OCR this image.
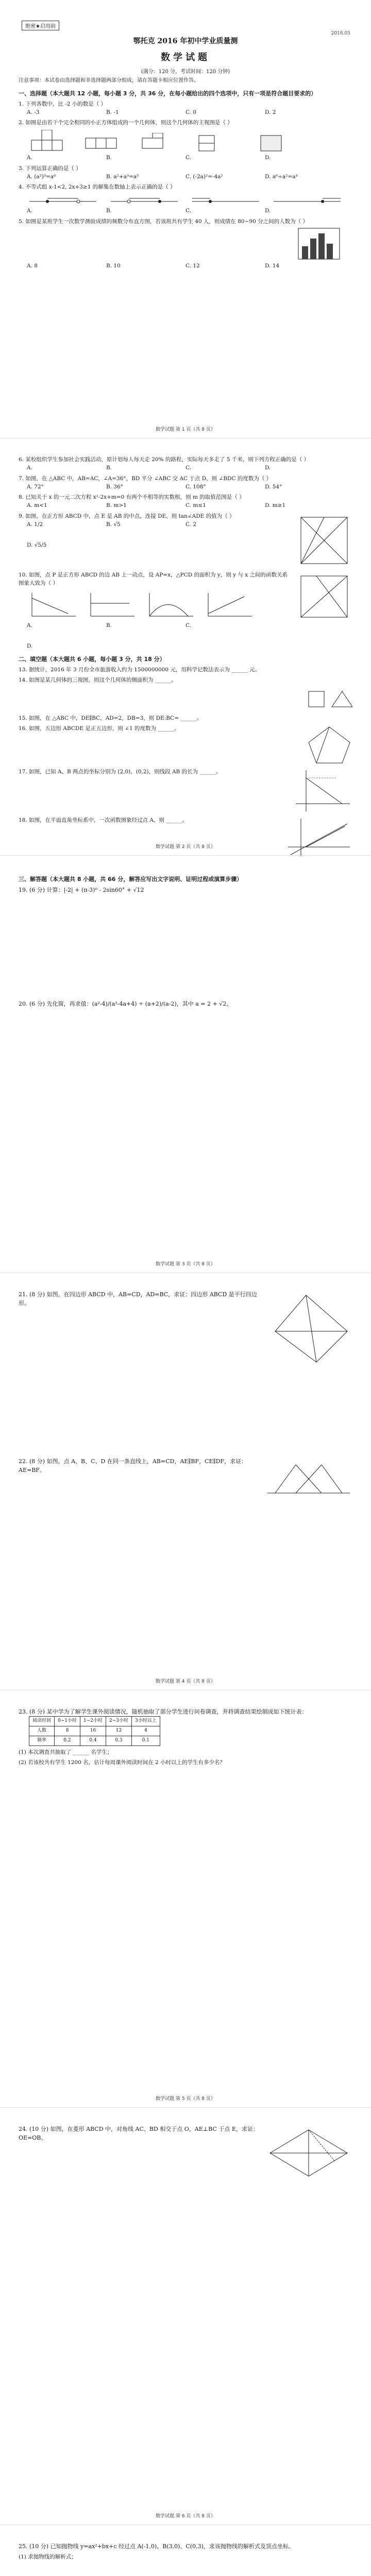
绝密★启用前
2016.05
鄂托克 2016 年初中学业质量测
数学试题
(满分：120 分，考试时间：120 分钟)
注意事项：本试卷由选择题和非选择题两部分组成，请在答题卡相应位置作答。
一、选择题（本大题共 12 小题，每小题 3 分，共 36 分，在每小题给出的四个选项中，只有一项是符合题目要求的）
1. 下列各数中，比 -2 小的数是（ ）
A. -3	B. -1	C. 0	D. 2
2. 如图是由若干个完全相同的小正方体组成的一个几何体，则这个几何体的主视图是（ ）
A.	B.	C.	D.
3. 下列运算正确的是（ ）
A. (a²)³=a⁶	B. a²+a³=a⁵	C. (-2a)²=-4a²	D. a⁶÷a²=a³
4. 不等式组 x-1<2, 2x+3≥1 的解集在数轴上表示正确的是（ ）
A.	B.	C.	D.
5. 如图是某班学生一次数学测验成绩的频数分布直方图，若该班共有学生 40 人，则成绩在 80~90 分之间的人数为（ ）
A. 8	B. 10	C. 12	D. 14
数学试题 第 1 页（共 8 页）
6. 某校组织学生参加社会实践活动，原计划每人每天走 20% 的路程，实际每天多走了 5 千米，则下列方程正确的是（ ）
A.	B.	C.	D.
7. 如图，在 △ABC 中，AB=AC，∠A=36°，BD 平分 ∠ABC 交 AC 于点 D，则 ∠BDC 的度数为（ ）
A. 72°	B. 36°	C. 108°	D. 54°
8. 已知关于 x 的一元二次方程 x²-2x+m=0 有两个不相等的实数根，则 m 的取值范围是（ ）
A. m<1	B. m>1	C. m≤1	D. m≥1
9. 如图，在正方形 ABCD 中，点 E 是 AB 的中点，连接 DE，则 tan∠ADE 的值为（ ）
A. 1/2	B. √5	C. 2
D. √5/5
10. 如图，点 P 是正方形 ABCD 的边 AB 上一动点，设 AP=x，△PCD 的面积为 y，则 y 与 x 之间的函数关系图象大致为（ ）
A.	B.	C.
D.
二、填空题（本大题共 6 小题，每小题 3 分，共 18 分）
13. 据统计，2016 年 3 月份全市旅游收入约为 1500000000 元，用科学记数法表示为 ______ 元。
14. 如图是某几何体的三视图，则这个几何体的侧面积为 ______。
15. 如图，在 △ABC 中，DE∥BC，AD=2，DB=3，则 DE:BC= ______。
16. 如图，五边形 ABCDE 是正五边形，则 ∠1 的度数为 ______。
17. 如图，已知 A、B 两点的坐标分别为 (2,0)、(0,2)，则线段 AB 的长为 ______。
18. 如图，在平面直角坐标系中，一次函数图象经过点 A，则 ______。
数学试题 第 2 页（共 8 页）
三、解答题（本大题共 8 小题，共 66 分，解答应写出文字说明、证明过程或演算步骤）
19. (6 分) 计算：|-2| + (π-3)⁰ - 2sin60° + √12
20. (6 分) 先化简，再求值：(a²-4)/(a²-4a+4) ÷ (a+2)/(a-2)，其中 a = 2 + √2。
数学试题 第 3 页（共 8 页）
21. (8 分) 如图，在四边形 ABCD 中，AB=CD，AD=BC，求证：四边形 ABCD 是平行四边形。
22. (8 分) 如图，点 A、B、C、D 在同一条直线上，AB=CD，AE∥BF，CE∥DF，求证：AE=BF。
数学试题 第 4 页（共 8 页）
23. (8 分) 某中学为了解学生课外阅读情况，随机抽取了部分学生进行问卷调查，并将调查结果绘制成如下统计表：
阅读时间	0~1小时	1~2小时	2~3小时	3小时以上
人数	8	16	12	4
频率	0.2	0.4	0.3	0.1
(1) 本次调查共抽取了 ______ 名学生；
(2) 若该校共有学生 1200 名，估计每周课外阅读时间在 2 小时以上的学生有多少名？
数学试题 第 5 页（共 8 页）
24. (10 分) 如图，在菱形 ABCD 中，对角线 AC、BD 相交于点 O，AE⊥BC 于点 E，求证：OE=OB。
数学试题 第 6 页（共 8 页）
25. (10 分) 已知抛物线 y=ax²+bx+c 经过点 A(-1,0)、B(3,0)、C(0,3)，求该抛物线的解析式及顶点坐标。
(1) 求抛物线的解析式；
